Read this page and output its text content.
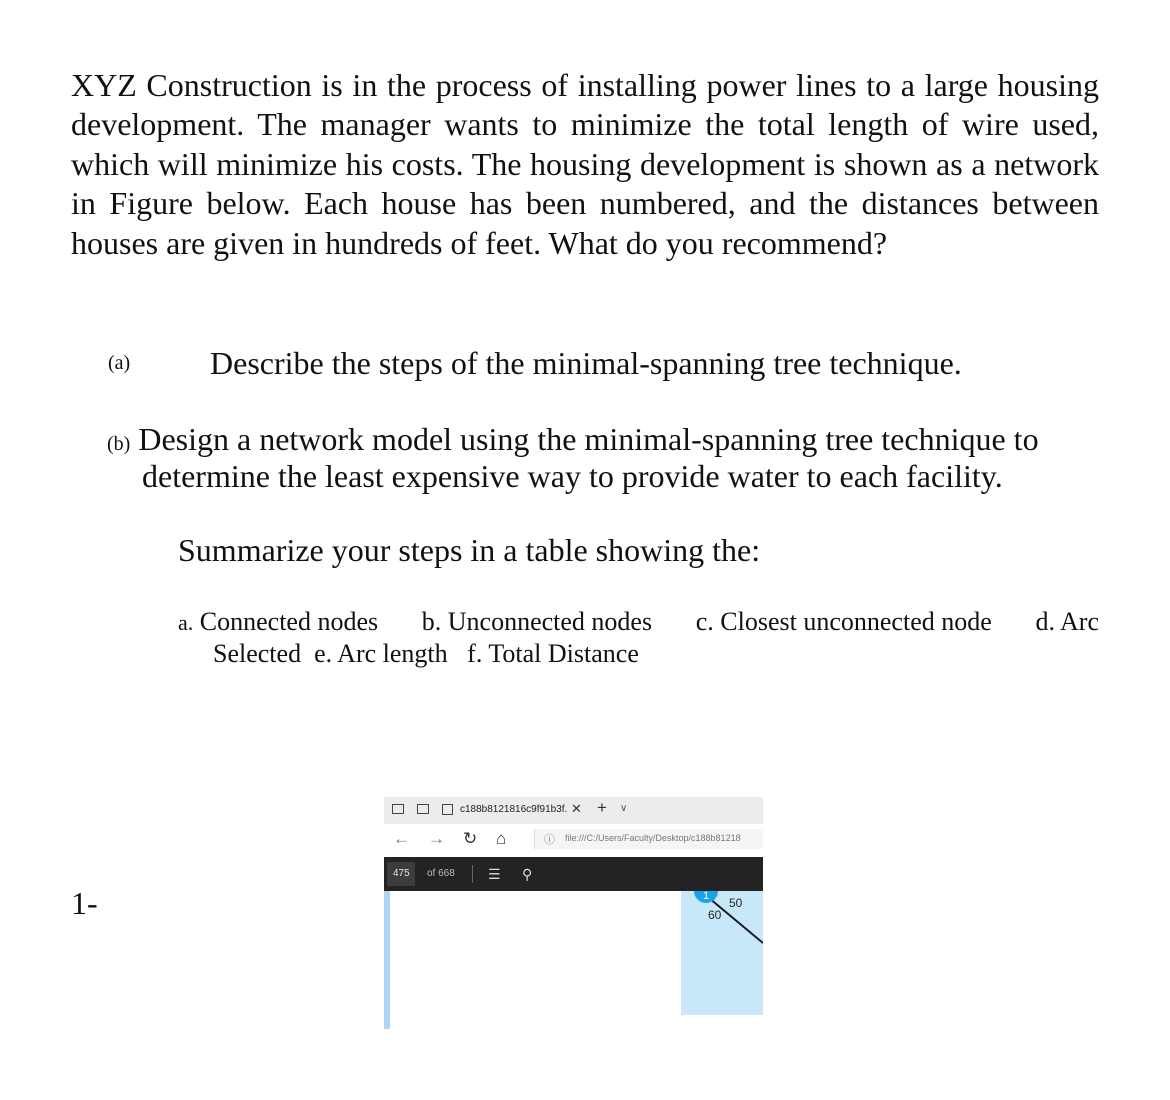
XYZ Construction is in the process of installing power lines to a large housing development. The manager wants to minimize the total length of wire used, which will minimize his costs. The housing development is shown as a network in Figure below. Each house has been numbered, and the distances between houses are given in hundreds of feet. What do you recommend?

(a) Describe the steps of the minimal-spanning tree technique.

(b) Design a network model using the minimal-spanning tree technique to

determine the least expensive way to provide water to each facility.
Summarize your steps in a table showing the:
a. Connected nodes b. Unconnected nodes c. Closest unconnected node d. Arc
Selected e. Arc length f. Total Distance
1-
c188b8121816c9f91b3f. ✕ + ∨
← → ↻ ⌂	ⓘ file:///C:/Users/Faculty/Desktop/c188b81218
475 of 668 ☰ ⚲
1 50
60
